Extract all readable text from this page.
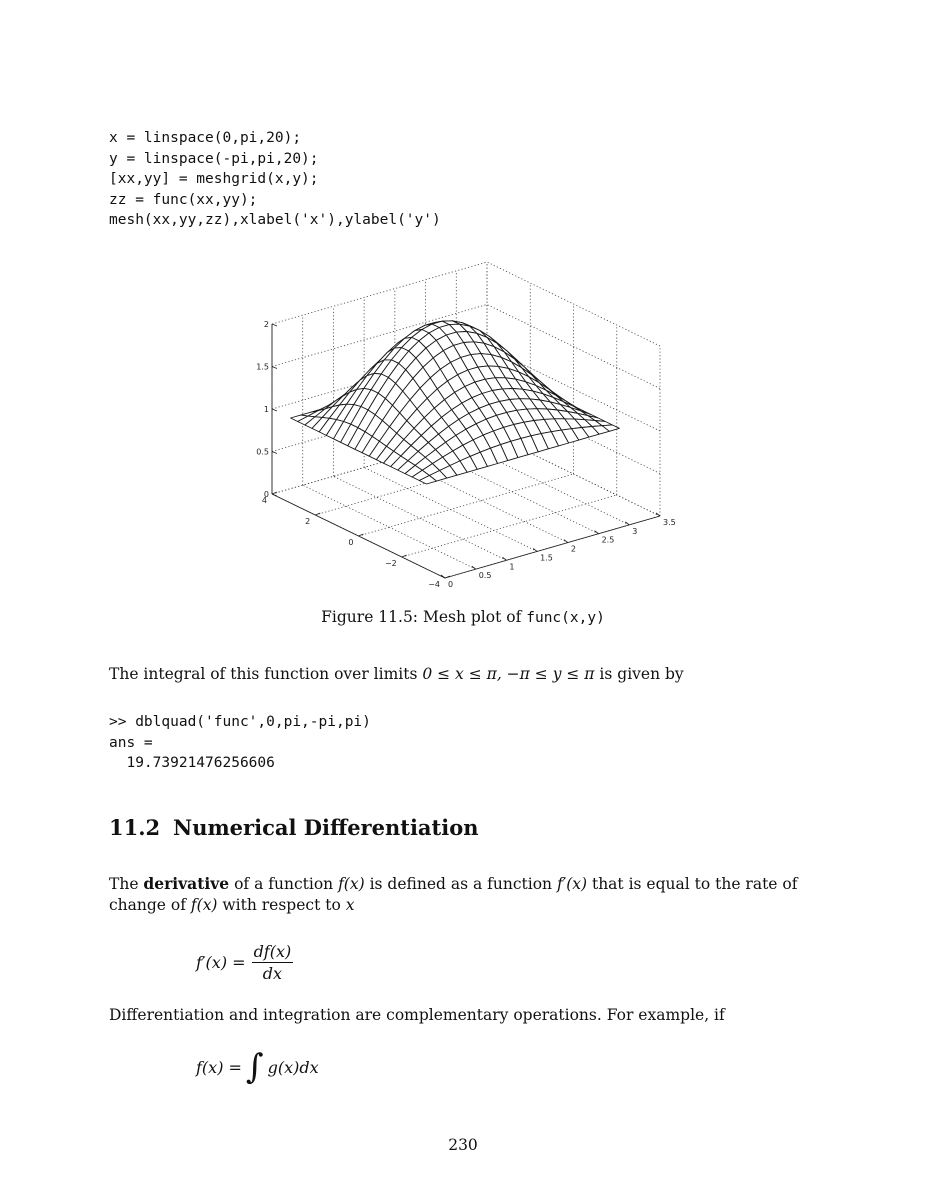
x = linspace(0,pi,20);
y = linspace(-pi,pi,20);
[xx,yy] = meshgrid(x,y);
zz = func(xx,yy);
mesh(xx,yy,zz),xlabel('x'),ylabel('y')
0
0.5
1
1.5
2
−4
−2
0
2
4
0
0.5
1
1.5
2
2.5
3
3.5
Figure 11.5: Mesh plot of func(x,y)
The integral of this function over limits 0 ≤ x ≤ π, −π ≤ y ≤ π is given by
>> dblquad('func',0,pi,-pi,pi)
ans =
19.73921476256606
11.2 Numerical Differentiation
The derivative of a function f(x) is defined as a function f′(x) that is equal to the rate of change of f(x) with respect to x
$f'(x) = \frac{df(x)}{dx}$
Differentiation and integration are complementary operations. For example, if
f(x) = ∫ g(x)dx
230
